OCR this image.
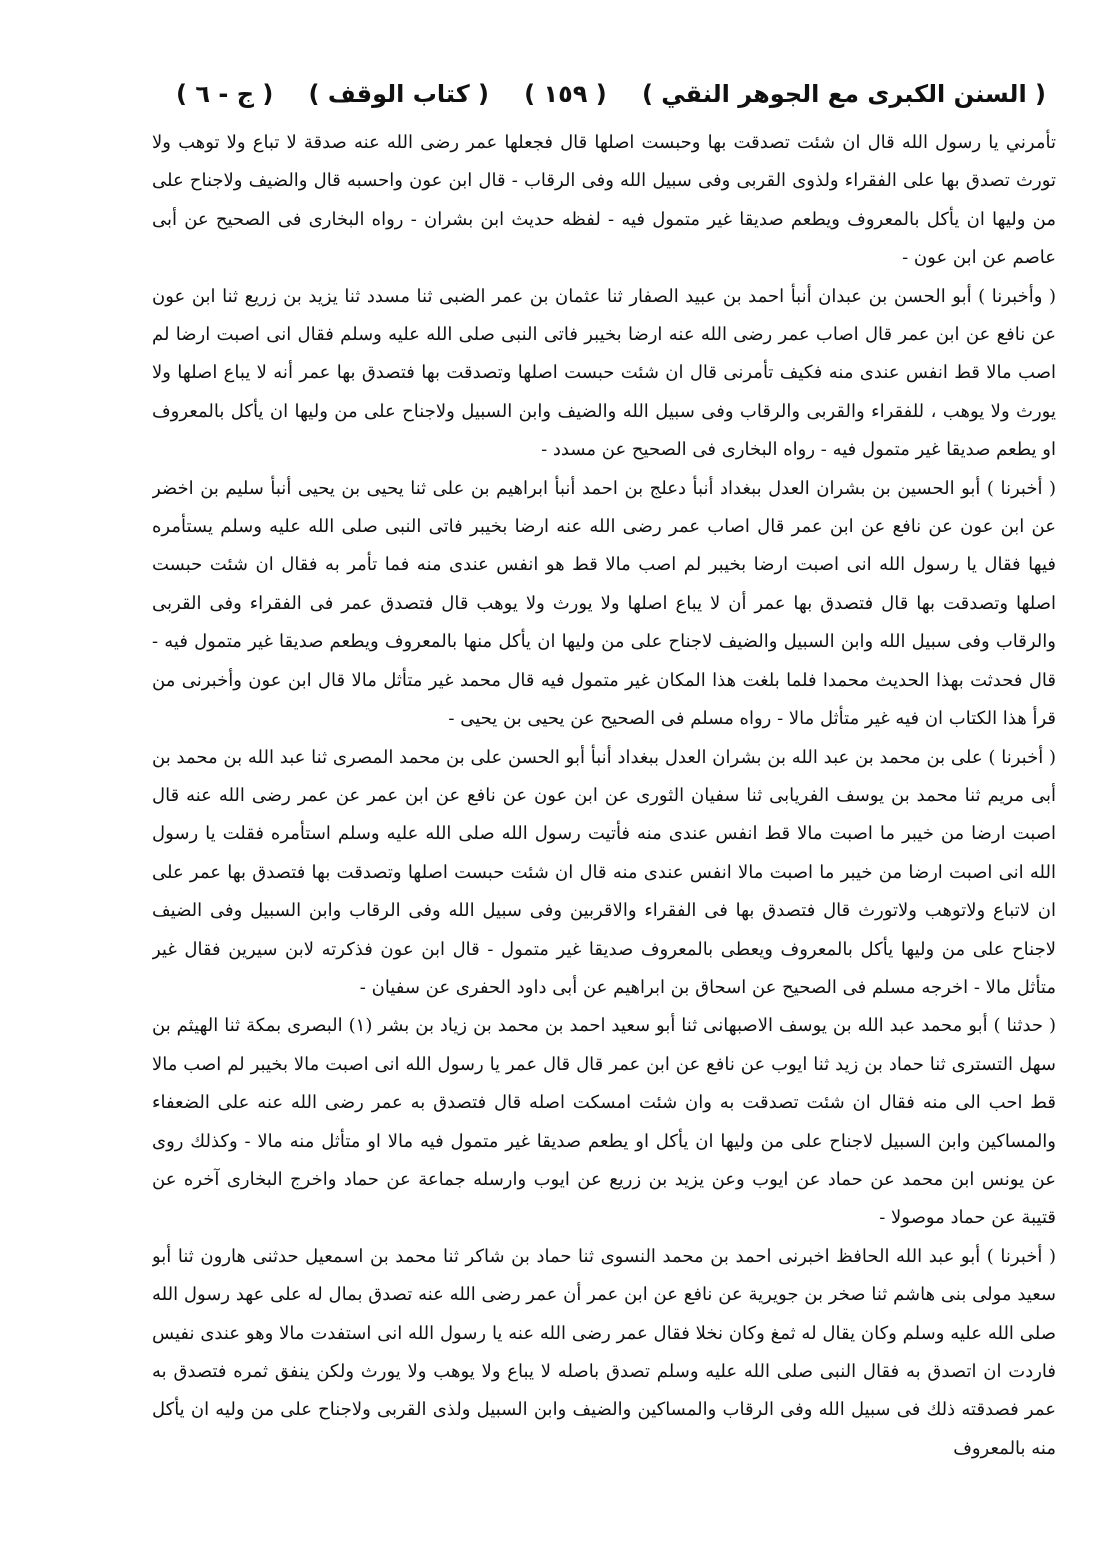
( السنن الكبرى مع الجوهر النقي )
( ١٥٩ )
( كتاب الوقف )
( ج - ٦ )

تأمرني يا رسول الله قال ان شئت تصدقت بها وحبست اصلها قال فجعلها عمر رضى الله عنه صدقة لا تباع ولا توهب ولا تورث تصدق بها على الفقراء ولذوى القربى وفى سبيل الله وفى الرقاب - قال ابن عون واحسبه قال والضيف ولاجناح على من وليها ان يأكل بالمعروف ويطعم صديقا غير متمول فيه - لفظه حديث ابن بشران - رواه البخارى فى الصحيح عن أبى عاصم عن ابن عون -

( وأخبرنا ) أبو الحسن بن عبدان أنبأ احمد بن عبيد الصفار ثنا عثمان بن عمر الضبى ثنا مسدد ثنا يزيد بن زريع ثنا ابن عون عن نافع عن ابن عمر قال اصاب عمر رضى الله عنه ارضا بخيبر فاتى النبى صلى الله عليه وسلم فقال انى اصبت ارضا لم اصب مالا قط انفس عندى منه فكيف تأمرنى قال ان شئت حبست اصلها وتصدقت بها فتصدق بها عمر أنه لا يباع اصلها ولا يورث ولا يوهب ، للفقراء والقربى والرقاب وفى سبيل الله والضيف وابن السبيل ولاجناح على من وليها ان يأكل بالمعروف او يطعم صديقا غير متمول فيه - رواه البخارى فى الصحيح عن مسدد -

( أخبرنا ) أبو الحسين بن بشران العدل ببغداد أنبأ دعلج بن احمد أنبأ ابراهيم بن على ثنا يحيى بن يحيى أنبأ سليم بن اخضر عن ابن عون عن نافع عن ابن عمر قال اصاب عمر رضى الله عنه ارضا بخيبر فاتى النبى صلى الله عليه وسلم يستأمره فيها فقال يا رسول الله انى اصبت ارضا بخيبر لم اصب مالا قط هو انفس عندى منه فما تأمر به فقال ان شئت حبست اصلها وتصدقت بها قال فتصدق بها عمر أن لا يباع اصلها ولا يورث ولا يوهب قال فتصدق عمر فى الفقراء وفى القربى والرقاب وفى سبيل الله وابن السبيل والضيف لاجناح على من وليها ان يأكل منها بالمعروف ويطعم صديقا غير متمول فيه - قال فحدثت بهذا الحديث محمدا فلما بلغت هذا المكان غير متمول فيه قال محمد غير متأثل مالا قال ابن عون وأخبرنى من قرأ هذا الكتاب ان فيه غير متأثل مالا - رواه مسلم فى الصحيح عن يحيى بن يحيى -

( أخبرنا ) على بن محمد بن عبد الله بن بشران العدل ببغداد أنبأ أبو الحسن على بن محمد المصرى ثنا عبد الله بن محمد بن أبى مريم ثنا محمد بن يوسف الفريابى ثنا سفيان الثورى عن ابن عون عن نافع عن ابن عمر عن عمر رضى الله عنه قال اصبت ارضا من خيبر ما اصبت مالا قط انفس عندى منه فأتيت رسول الله صلى الله عليه وسلم استأمره فقلت يا رسول الله انى اصبت ارضا من خيبر ما اصبت مالا انفس عندى منه قال ان شئت حبست اصلها وتصدقت بها فتصدق بها عمر على ان لاتباع ولاتوهب ولاتورث قال فتصدق بها فى الفقراء والاقربين وفى سبيل الله وفى الرقاب وابن السبيل وفى الضيف لاجناح على من وليها يأكل بالمعروف ويعطى بالمعروف صديقا غير متمول - قال ابن عون فذكرته لابن سيرين فقال غير متأثل مالا - اخرجه مسلم فى الصحيح عن اسحاق بن ابراهيم عن أبى داود الحفرى عن سفيان -

( حدثنا ) أبو محمد عبد الله بن يوسف الاصبهانى ثنا أبو سعيد احمد بن محمد بن زياد بن بشر (١) البصرى بمكة ثنا الهيثم بن سهل التسترى ثنا حماد بن زيد ثنا ايوب عن نافع عن ابن عمر قال قال عمر يا رسول الله انى اصبت مالا بخيبر لم اصب مالا قط احب الى منه فقال ان شئت تصدقت به وان شئت امسكت اصله قال فتصدق به عمر رضى الله عنه على الضعفاء والمساكين وابن السبيل لاجناح على من وليها ان يأكل او يطعم صديقا غير متمول فيه مالا او متأثل منه مالا - وكذلك روى عن يونس ابن محمد عن حماد عن ايوب وعن يزيد بن زريع عن ايوب وارسله جماعة عن حماد واخرج البخارى آخره عن قتيبة عن حماد موصولا -

( أخبرنا ) أبو عبد الله الحافظ اخبرنى احمد بن محمد النسوى ثنا حماد بن شاكر ثنا محمد بن اسمعيل حدثنى هارون ثنا أبو سعيد مولى بنى هاشم ثنا صخر بن جويرية عن نافع عن ابن عمر أن عمر رضى الله عنه تصدق بمال له على عهد رسول الله صلى الله عليه وسلم وكان يقال له ثمغ وكان نخلا فقال عمر رضى الله عنه يا رسول الله انى استفدت مالا وهو عندى نفيس فاردت ان اتصدق به فقال النبى صلى الله عليه وسلم تصدق باصله لا يباع ولا يوهب ولا يورث ولكن ينفق ثمره فتصدق به عمر فصدقته ذلك فى سبيل الله وفى الرقاب والمساكين والضيف وابن السبيل ولذى القربى ولاجناح على من وليه ان يأكل منه بالمعروف
